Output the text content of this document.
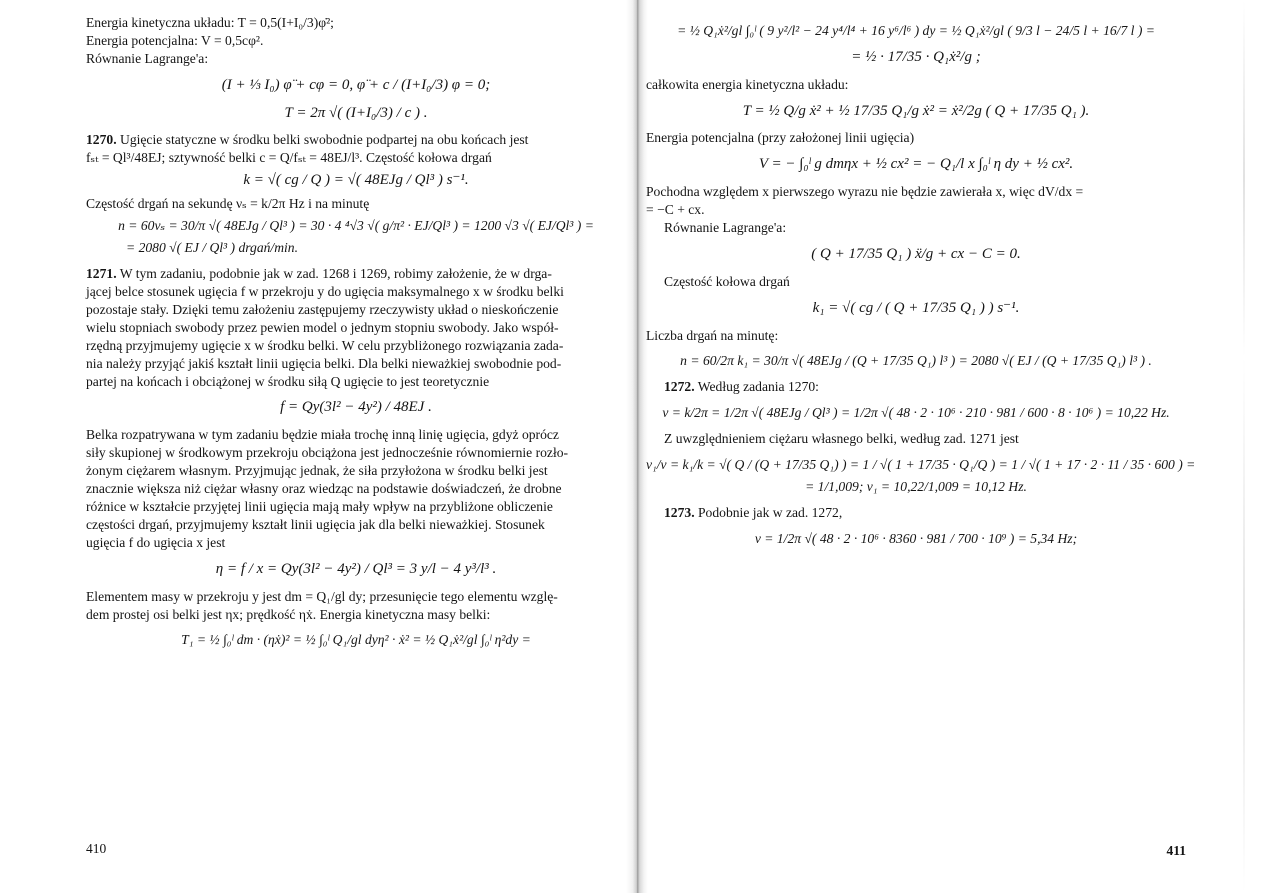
Energia kinetyczna układu: T = 0,5(I+I₀/3)φ̇²;
Energia potencjalna: V = 0,5cφ².
Równanie Lagrange'a:
(I + ⅓ I₀) φ̈ + cφ = 0, φ̈ + c / (I+I₀/3) φ = 0;
T = 2π √( (I+I₀/3) / c ) .

1270. Ugięcie statyczne w środku belki swobodnie podpartej na obu końcach jest
fₛₜ = Ql³/48EJ; sztywność belki c = Q/fₛₜ = 48EJ/l³. Częstość kołowa drgań

k = √( cg / Q ) = √( 48EJg / Ql³ ) s⁻¹.
Częstość drgań na sekundę νₛ = k/2π Hz i na minutę
n = 60νₛ = 30/π √( 48EJg / Ql³ ) = 30 · 4 ⁴√3 √( g/π² · EJ/Ql³ ) = 1200 √3 √( EJ/Ql³ ) =
= 2080 √( EJ / Ql³ ) drgań/min.

1271. W tym zadaniu, podobnie jak w zad. 1268 i 1269, robimy założenie, że w drga-
jącej belce stosunek ugięcia f w przekroju y do ugięcia maksymalnego x w środku belki
pozostaje stały. Dzięki temu założeniu zastępujemy rzeczywisty układ o nieskończenie
wielu stopniach swobody przez pewien model o jednym stopniu swobody. Jako współ-
rzędną przyjmujemy ugięcie x w środku belki. W celu przybliżonego rozwiązania zada-
nia należy przyjąć jakiś kształt linii ugięcia belki. Dla belki nieważkiej swobodnie pod-
partej na końcach i obciążonej w środku siłą Q ugięcie to jest teoretycznie

f = Qy(3l² − 4y²) / 48EJ .

Belka rozpatrywana w tym zadaniu będzie miała trochę inną linię ugięcia, gdyż oprócz
siły skupionej w środkowym przekroju obciążona jest jednocześnie równomiernie rozło-
żonym ciężarem własnym. Przyjmując jednak, że siła przyłożona w środku belki jest
znacznie większa niż ciężar własny oraz wiedząc na podstawie doświadczeń, że drobne
różnice w kształcie przyjętej linii ugięcia mają mały wpływ na przybliżone obliczenie
częstości drgań, przyjmujemy kształt linii ugięcia jak dla belki nieważkiej. Stosunek
ugięcia f do ugięcia x jest

η = f / x = Qy(3l² − 4y²) / Ql³ = 3 y/l − 4 y³/l³ .

Elementem masy w przekroju y jest dm = Q₁/gl dy; przesunięcie tego elementu wzglę-
dem prostej osi belki jest ηx; prędkość ηẋ. Energia kinetyczna masy belki:

T₁ = ½ ∫₀ˡ dm · (ηẋ)² = ½ ∫₀ˡ Q₁/gl dyη² · ẋ² = ½ Q₁ẋ²/gl ∫₀ˡ η²dy =
410
= ½ Q₁ẋ²/gl ∫₀ˡ ( 9 y²/l² − 24 y⁴/l⁴ + 16 y⁶/l⁶ ) dy = ½ Q₁ẋ²/gl ( 9/3 l − 24/5 l + 16/7 l ) =
= ½ · 17/35 · Q₁ẋ²/g ;
całkowita energia kinetyczna układu:
T = ½ Q/g ẋ² + ½ 17/35 Q₁/g ẋ² = ẋ²/2g ( Q + 17/35 Q₁ ).
Energia potencjalna (przy założonej linii ugięcia)
V = − ∫₀ˡ g dmηx + ½ cx² = − Q₁/l x ∫₀ˡ η dy + ½ cx².

Pochodna względem x pierwszego wyrazu nie będzie zawierała x, więc dV/dx =
= −C + cx.

Równanie Lagrange'a:
( Q + 17/35 Q₁ ) ẍ/g + cx − C = 0.
Częstość kołowa drgań
k₁ = √( cg / ( Q + 17/35 Q₁ ) ) s⁻¹.
Liczba drgań na minutę:
n = 60/2π k₁ = 30/π √( 48EJg / (Q + 17/35 Q₁) l³ ) = 2080 √( EJ / (Q + 17/35 Q₁) l³ ) .
1272. Według zadania 1270:
ν = k/2π = 1/2π √( 48EJg / Ql³ ) = 1/2π √( 48 · 2 · 10⁶ · 210 · 981 / 600 · 8 · 10⁶ ) = 10,22 Hz.
Z uwzględnieniem ciężaru własnego belki, według zad. 1271 jest
ν₁/ν = k₁/k = √( Q / (Q + 17/35 Q₁) ) = 1 / √( 1 + 17/35 · Q₁/Q ) = 1 / √( 1 + 17 · 2 · 11 / 35 · 600 ) =
= 1/1,009; ν₁ = 10,22/1,009 = 10,12 Hz.
1273. Podobnie jak w zad. 1272,
ν = 1/2π √( 48 · 2 · 10⁶ · 8360 · 981 / 700 · 10⁹ ) = 5,34 Hz;
411
